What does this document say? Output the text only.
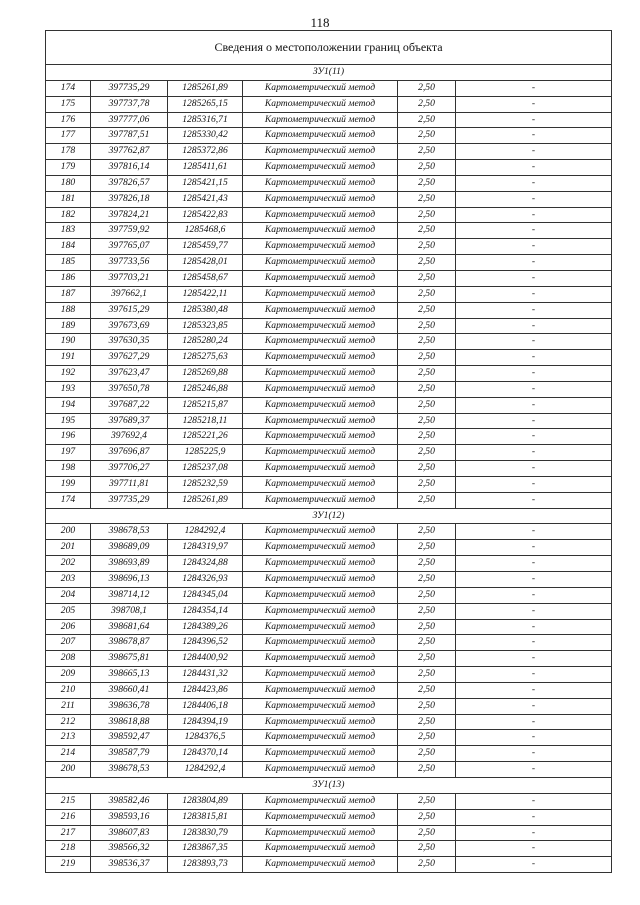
118
Сведения о местоположении границ объекта					
ЗУ1(11)					
174	397735,29	1285261,89	Картометрический метод	2,50	-
175	397737,78	1285265,15	Картометрический метод	2,50	-
176	397777,06	1285316,71	Картометрический метод	2,50	-
177	397787,51	1285330,42	Картометрический метод	2,50	-
178	397762,87	1285372,86	Картометрический метод	2,50	-
179	397816,14	1285411,61	Картометрический метод	2,50	-
180	397826,57	1285421,15	Картометрический метод	2,50	-
181	397826,18	1285421,43	Картометрический метод	2,50	-
182	397824,21	1285422,83	Картометрический метод	2,50	-
183	397759,92	1285468,6	Картометрический метод	2,50	-
184	397765,07	1285459,77	Картометрический метод	2,50	-
185	397733,56	1285428,01	Картометрический метод	2,50	-
186	397703,21	1285458,67	Картометрический метод	2,50	-
187	397662,1	1285422,11	Картометрический метод	2,50	-
188	397615,29	1285380,48	Картометрический метод	2,50	-
189	397673,69	1285323,85	Картометрический метод	2,50	-
190	397630,35	1285280,24	Картометрический метод	2,50	-
191	397627,29	1285275,63	Картометрический метод	2,50	-
192	397623,47	1285269,88	Картометрический метод	2,50	-
193	397650,78	1285246,88	Картометрический метод	2,50	-
194	397687,22	1285215,87	Картометрический метод	2,50	-
195	397689,37	1285218,11	Картометрический метод	2,50	-
196	397692,4	1285221,26	Картометрический метод	2,50	-
197	397696,87	1285225,9	Картометрический метод	2,50	-
198	397706,27	1285237,08	Картометрический метод	2,50	-
199	397711,81	1285232,59	Картометрический метод	2,50	-
174	397735,29	1285261,89	Картометрический метод	2,50	-
ЗУ1(12)					
200	398678,53	1284292,4	Картометрический метод	2,50	-
201	398689,09	1284319,97	Картометрический метод	2,50	-
202	398693,89	1284324,88	Картометрический метод	2,50	-
203	398696,13	1284326,93	Картометрический метод	2,50	-
204	398714,12	1284345,04	Картометрический метод	2,50	-
205	398708,1	1284354,14	Картометрический метод	2,50	-
206	398681,64	1284389,26	Картометрический метод	2,50	-
207	398678,87	1284396,52	Картометрический метод	2,50	-
208	398675,81	1284400,92	Картометрический метод	2,50	-
209	398665,13	1284431,32	Картометрический метод	2,50	-
210	398660,41	1284423,86	Картометрический метод	2,50	-
211	398636,78	1284406,18	Картометрический метод	2,50	-
212	398618,88	1284394,19	Картометрический метод	2,50	-
213	398592,47	1284376,5	Картометрический метод	2,50	-
214	398587,79	1284370,14	Картометрический метод	2,50	-
200	398678,53	1284292,4	Картометрический метод	2,50	-
ЗУ1(13)					
215	398582,46	1283804,89	Картометрический метод	2,50	-
216	398593,16	1283815,81	Картометрический метод	2,50	-
217	398607,83	1283830,79	Картометрический метод	2,50	-
218	398566,32	1283867,35	Картометрический метод	2,50	-
219	398536,37	1283893,73	Картометрический метод	2,50	-
